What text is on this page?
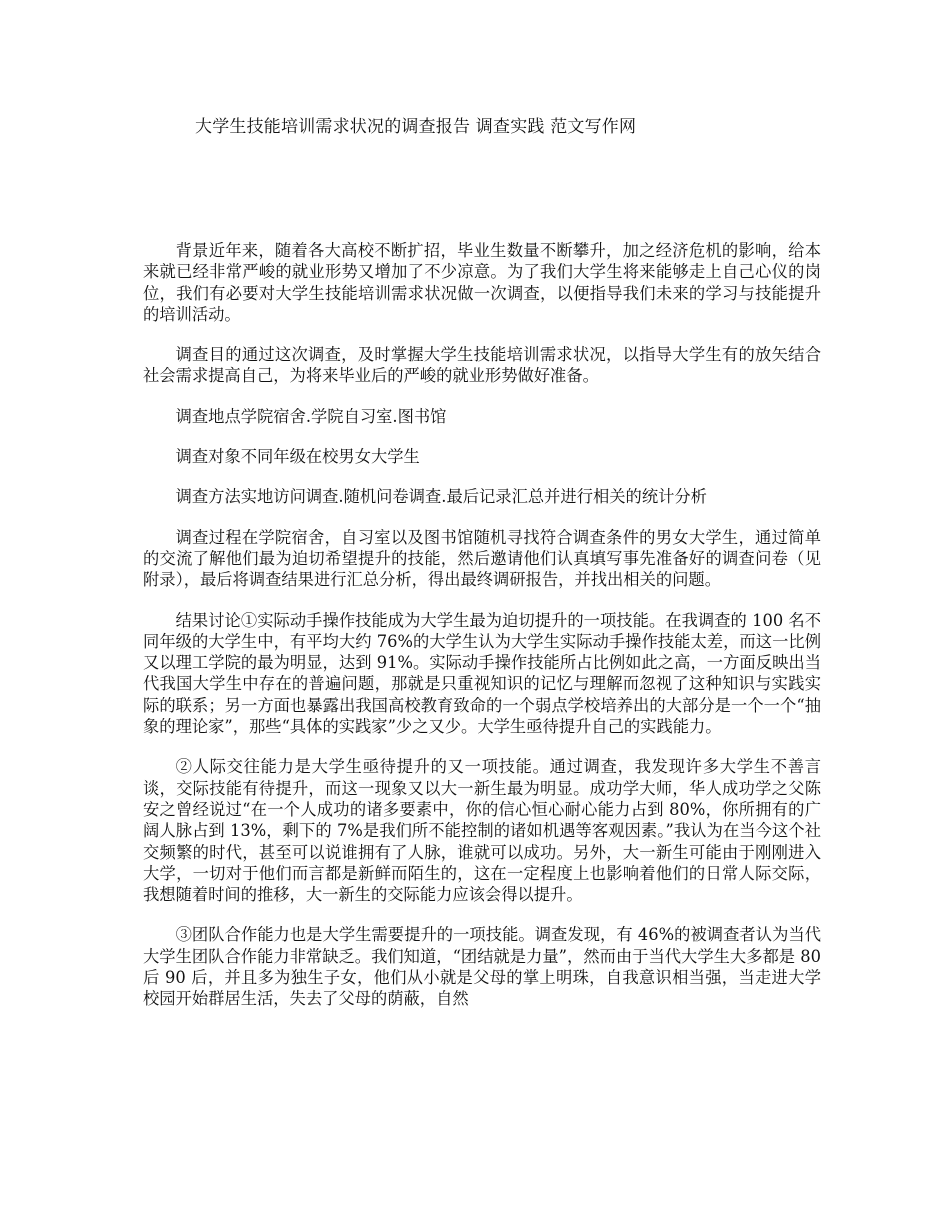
大学生技能培训需求状况的调查报告 调查实践 范文写作网

背景近年来，随着各大高校不断扩招，毕业生数量不断攀升，加之经济危机的影响，给本来就已经非常严峻的就业形势又增加了不少凉意。为了我们大学生将来能够走上自己心仪的岗位，我们有必要对大学生技能培训需求状况做一次调查，以便指导我们未来的学习与技能提升的培训活动。

调查目的通过这次调查，及时掌握大学生技能培训需求状况，以指导大学生有的放矢结合社会需求提高自己，为将来毕业后的严峻的就业形势做好准备。

调查地点学院宿舍.学院自习室.图书馆

调查对象不同年级在校男女大学生

调查方法实地访问调查.随机问卷调查.最后记录汇总并进行相关的统计分析

调查过程在学院宿舍，自习室以及图书馆随机寻找符合调查条件的男女大学生，通过简单的交流了解他们最为迫切希望提升的技能，然后邀请他们认真填写事先准备好的调查问卷（见附录），最后将调查结果进行汇总分析，得出最终调研报告，并找出相关的问题。

结果讨论①实际动手操作技能成为大学生最为迫切提升的一项技能。在我调查的 100 名不同年级的大学生中，有平均大约 76%的大学生认为大学生实际动手操作技能太差，而这一比例又以理工学院的最为明显，达到 91%。实际动手操作技能所占比例如此之高，一方面反映出当代我国大学生中存在的普遍问题，那就是只重视知识的记忆与理解而忽视了这种知识与实践实际的联系；另一方面也暴露出我国高校教育致命的一个弱点学校培养出的大部分是一个一个“抽象的理论家”，那些“具体的实践家”少之又少。大学生亟待提升自己的实践能力。

②人际交往能力是大学生亟待提升的又一项技能。通过调查，我发现许多大学生不善言谈，交际技能有待提升，而这一现象又以大一新生最为明显。成功学大师，华人成功学之父陈安之曾经说过“在一个人成功的诸多要素中，你的信心恒心耐心能力占到 80%，你所拥有的广阔人脉占到 13%，剩下的 7%是我们所不能控制的诸如机遇等客观因素。”我认为在当今这个社交频繁的时代，甚至可以说谁拥有了人脉，谁就可以成功。另外，大一新生可能由于刚刚进入大学，一切对于他们而言都是新鲜而陌生的，这在一定程度上也影响着他们的日常人际交际，我想随着时间的推移，大一新生的交际能力应该会得以提升。

③团队合作能力也是大学生需要提升的一项技能。调查发现，有 46%的被调查者认为当代大学生团队合作能力非常缺乏。我们知道，“团结就是力量”，然而由于当代大学生大多都是 80 后 90 后，并且多为独生子女，他们从小就是父母的掌上明珠，自我意识相当强，当走进大学校园开始群居生活，失去了父母的荫蔽，自然
